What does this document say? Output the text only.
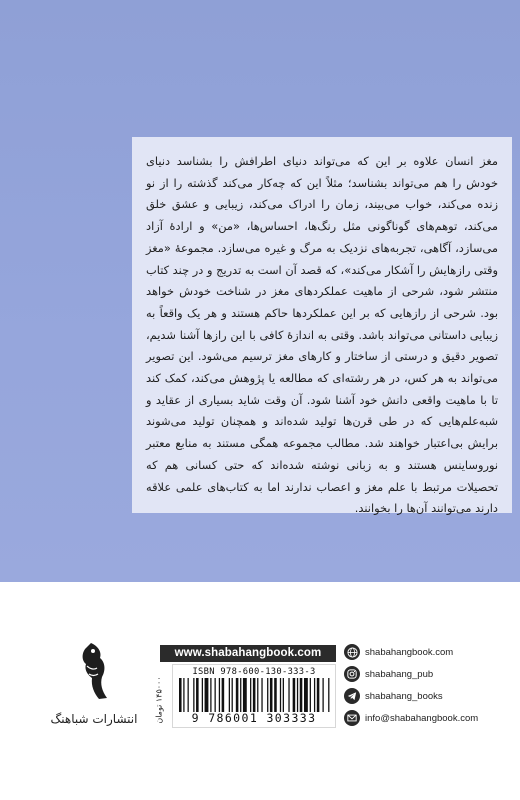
مغز انسان علاوه بر این که می‌تواند دنیای اطرافش را بشناسد دنیای خودش را هم می‌تواند بشناسد؛ مثلاً این که چه‌کار می‌کند گذشته را از نو زنده می‌کند، خواب می‌بیند، زمان را ادراک می‌کند، زیبایی و عشق خلق می‌کند، توهم‌های گوناگونی مثل رنگ‌ها، احساس‌ها، «من» و ارادهٔ آزاد می‌سازد، آگاهی، تجربه‌های نزدیک به مرگ و غیره می‌سازد. مجموعهٔ «مغز وقتی رازهایش را آشکار می‌کند»، که قصد آن است به تدریج و در چند کتاب منتشر شود، شرحی از ماهیت عملکردهای مغز در شناخت خودش خواهد بود. شرحی از رازهایی که بر این عملکردها حاکم هستند و هر یک واقعاً به زیبایی داستانی می‌تواند باشد. وقتی به اندازهٔ کافی با این رازها آشنا شدیم، تصویر دقیق و درستی از ساختار و کارهای مغز ترسیم می‌شود. این تصویر می‌تواند به هر کس، در هر رشته‌ای که مطالعه یا پژوهش می‌کند، کمک کند تا با ماهیت واقعی دانش خود آشنا شود. آن وقت شاید بسیاری از عقاید و شبه‌علم‌هایی که در طی قرن‌ها تولید شده‌اند و همچنان تولید می‌شوند برایش بی‌اعتبار خواهند شد. مطالب مجموعه همگی مستند به منابع معتبر نوروساینس هستند و به زبانی نوشته شده‌اند که حتی کسانی هم که تحصیلات مرتبط با علم مغز و اعصاب ندارند اما به کتاب‌های علمی علاقه دارند می‌توانند آن‌ها را بخوانند.

انتشارات شباهنگ
www.shabahangbook.com
۱۴۵۰۰۰ تومان
ISBN 978-600-130-333-3
9 786001 303333
shabahangbook.com
shabahang_pub
shabahang_books
info@shabahangbook.com
